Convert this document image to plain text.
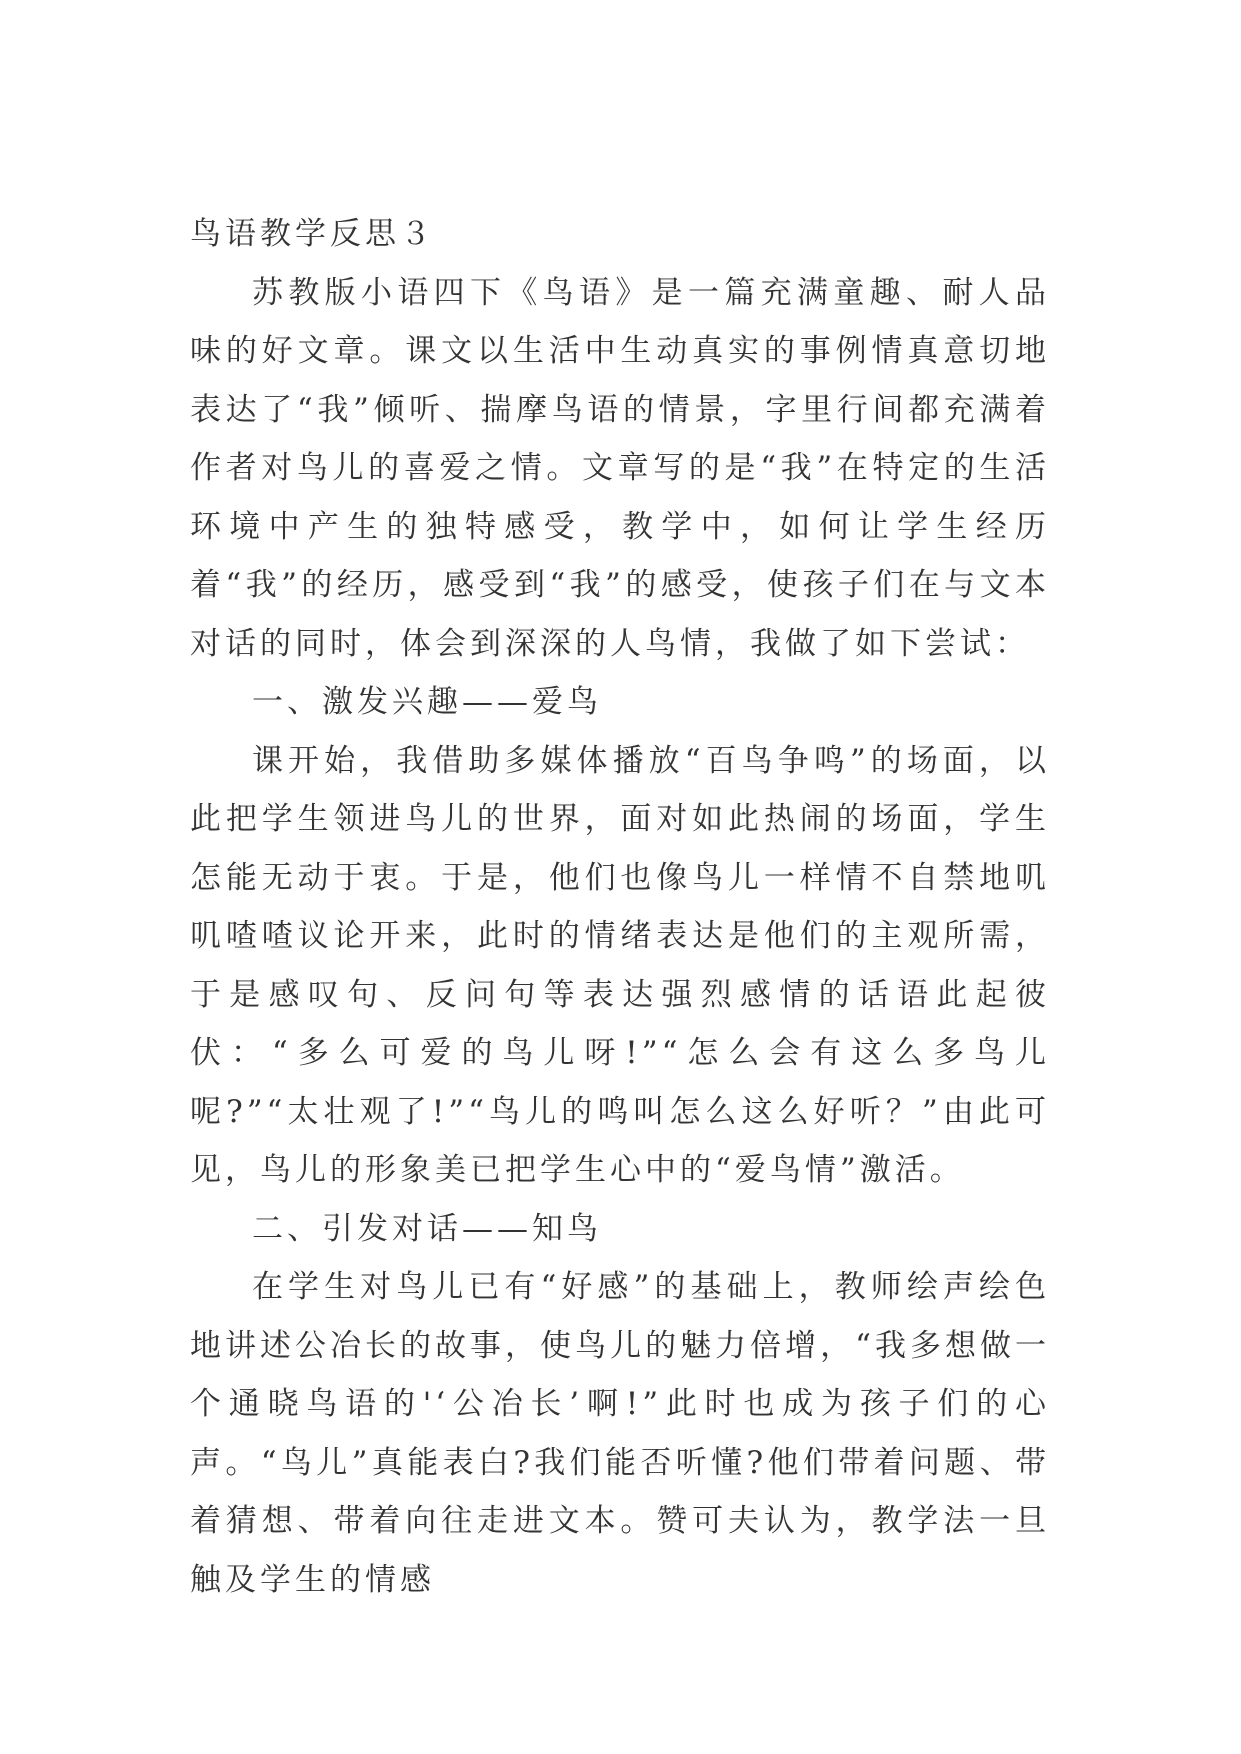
鸟语教学反思３

苏教版小语四下《鸟语》是一篇充满童趣、耐人品味的好文章。课文以生活中生动真实的事例情真意切地表达了“我”倾听、揣摩鸟语的情景，字里行间都充满着作者对鸟儿的喜爱之情。文章写的是“我”在特定的生活环境中产生的独特感受，教学中，如何让学生经历着“我”的经历，感受到“我”的感受，使孩子们在与文本对话的同时，体会到深深的人鸟情，我做了如下尝试：

一、激发兴趣——爱鸟

课开始，我借助多媒体播放“百鸟争鸣”的场面，以此把学生领进鸟儿的世界，面对如此热闹的场面，学生怎能无动于衷。于是，他们也像鸟儿一样情不自禁地叽叽喳喳议论开来，此时的情绪表达是他们的主观所需，于是感叹句、反问句等表达强烈感情的话语此起彼伏：“多么可爱的鸟儿呀!”“怎么会有这么多鸟儿呢?”“太壮观了!”“鸟儿的鸣叫怎么这么好听？”由此可见，鸟儿的形象美已把学生心中的“爱鸟情”激活。

二、引发对话——知鸟

在学生对鸟儿已有“好感”的基础上，教师绘声绘色地讲述公冶长的故事，使鸟儿的魅力倍增，“我多想做一个通晓鸟语的'‘公冶长’啊!”此时也成为孩子们的心声。“鸟儿”真能表白?我们能否听懂?他们带着问题、带着猜想、带着向往走进文本。赞可夫认为，教学法一旦触及学生的情感
